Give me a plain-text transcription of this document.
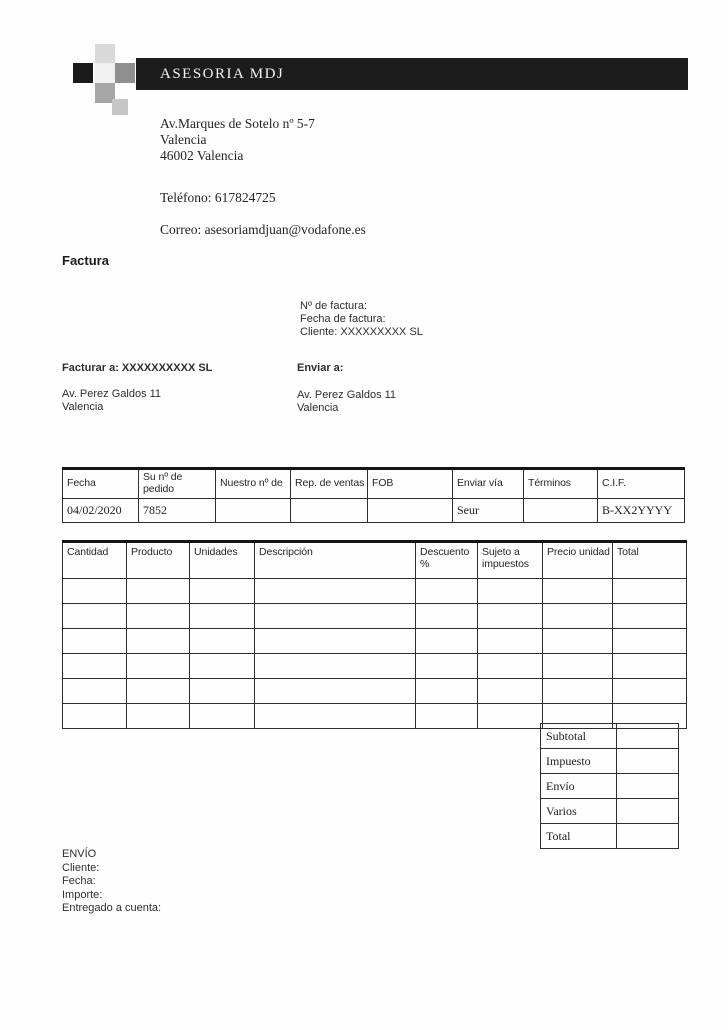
ASESORIA MDJ
Av.Marques de Sotelo nº 5-7
Valencia
46002 Valencia
Teléfono: 617824725
Correo: asesoriamdjuan@vodafone.es
Factura
Nº de factura:
Fecha de factura:
Cliente: XXXXXXXXX SL
Facturar a: XXXXXXXXXX SL	Enviar a:
Av. Perez Galdos 11
Valencia
Av. Perez Galdos 11
Valencia
Fecha	Su nº de pedido	Nuestro nº de	Rep. de ventas	FOB	Enviar vía	Términos	C.I.F.
04/02/2020	7852				Seur		B-XX2YYYY
Cantidad	Producto	Unidades	Descripción	Descuento %	Sujeto a impuestos	Precio unidad	Total

Subtotal	
Impuesto	
Envío	
Varios	
Total	
ENVÍO
Cliente:
Fecha:
Importe:
Entregado a cuenta:
